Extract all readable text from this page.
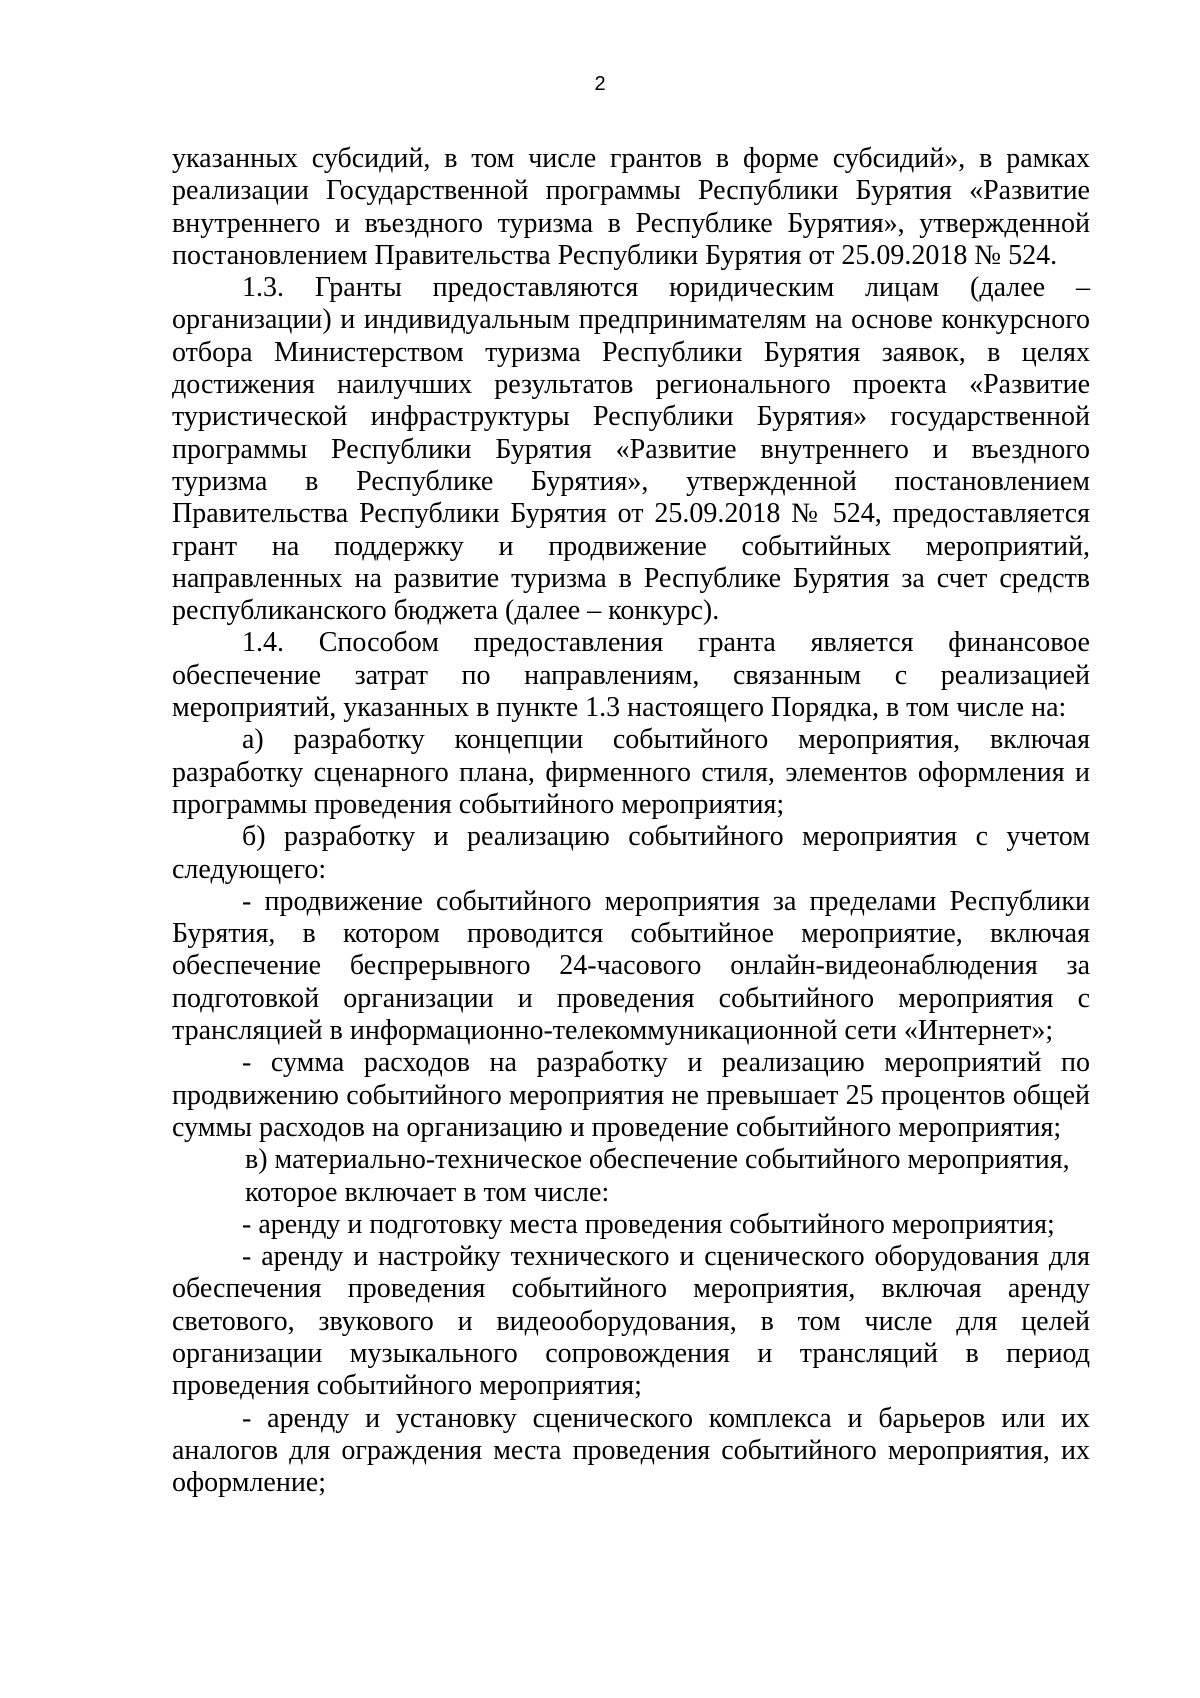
2

указанных субсидий, в том числе грантов в форме субсидий», в рамках реализации Государственной программы Республики Бурятия «Развитие внутреннего и въездного туризма в Республике Бурятия», утвержденной постановлением Правительства Республики Бурятия от 25.09.2018 № 524.

1.3. Гранты предоставляются юридическим лицам (далее – организации) и индивидуальным предпринимателям на основе конкурсного отбора Министерством туризма Республики Бурятия заявок, в целях достижения наилучших результатов регионального проекта «Развитие туристической инфраструктуры Республики Бурятия» государственной программы Республики Бурятия «Развитие внутреннего и въездного туризма в Республике Бурятия», утвержденной постановлением Правительства Республики Бурятия от 25.09.2018 № 524, предоставляется грант на поддержку и продвижение событийных мероприятий, направленных на развитие туризма в Республике Бурятия за счет средств республиканского бюджета (далее – конкурс).

1.4. Способом предоставления гранта является финансовое обеспечение затрат по направлениям, связанным с реализацией мероприятий, указанных в пункте 1.3 настоящего Порядка, в том числе на:

а) разработку концепции событийного мероприятия, включая разработку сценарного плана, фирменного стиля, элементов оформления и программы проведения событийного мероприятия;

б) разработку и реализацию событийного мероприятия с учетом следующего:

- продвижение событийного мероприятия за пределами Республики Бурятия, в котором проводится событийное мероприятие, включая обеспечение беспрерывного 24-часового онлайн-видеонаблюдения за подготовкой организации и проведения событийного мероприятия с трансляцией в информационно-телекоммуникационной сети «Интернет»;

- сумма расходов на разработку и реализацию мероприятий по продвижению событийного мероприятия не превышает 25 процентов общей суммы расходов на организацию и проведение событийного мероприятия;

в) материально-техническое обеспечение событийного мероприятия,

которое включает в том числе:

- аренду и подготовку места проведения событийного мероприятия;

- аренду и настройку технического и сценического оборудования для обеспечения проведения событийного мероприятия, включая аренду светового, звукового и видеооборудования, в том числе для целей организации музыкального сопровождения и трансляций в период проведения событийного мероприятия;

- аренду и установку сценического комплекса и барьеров или их аналогов для ограждения места проведения событийного мероприятия, их оформление;
